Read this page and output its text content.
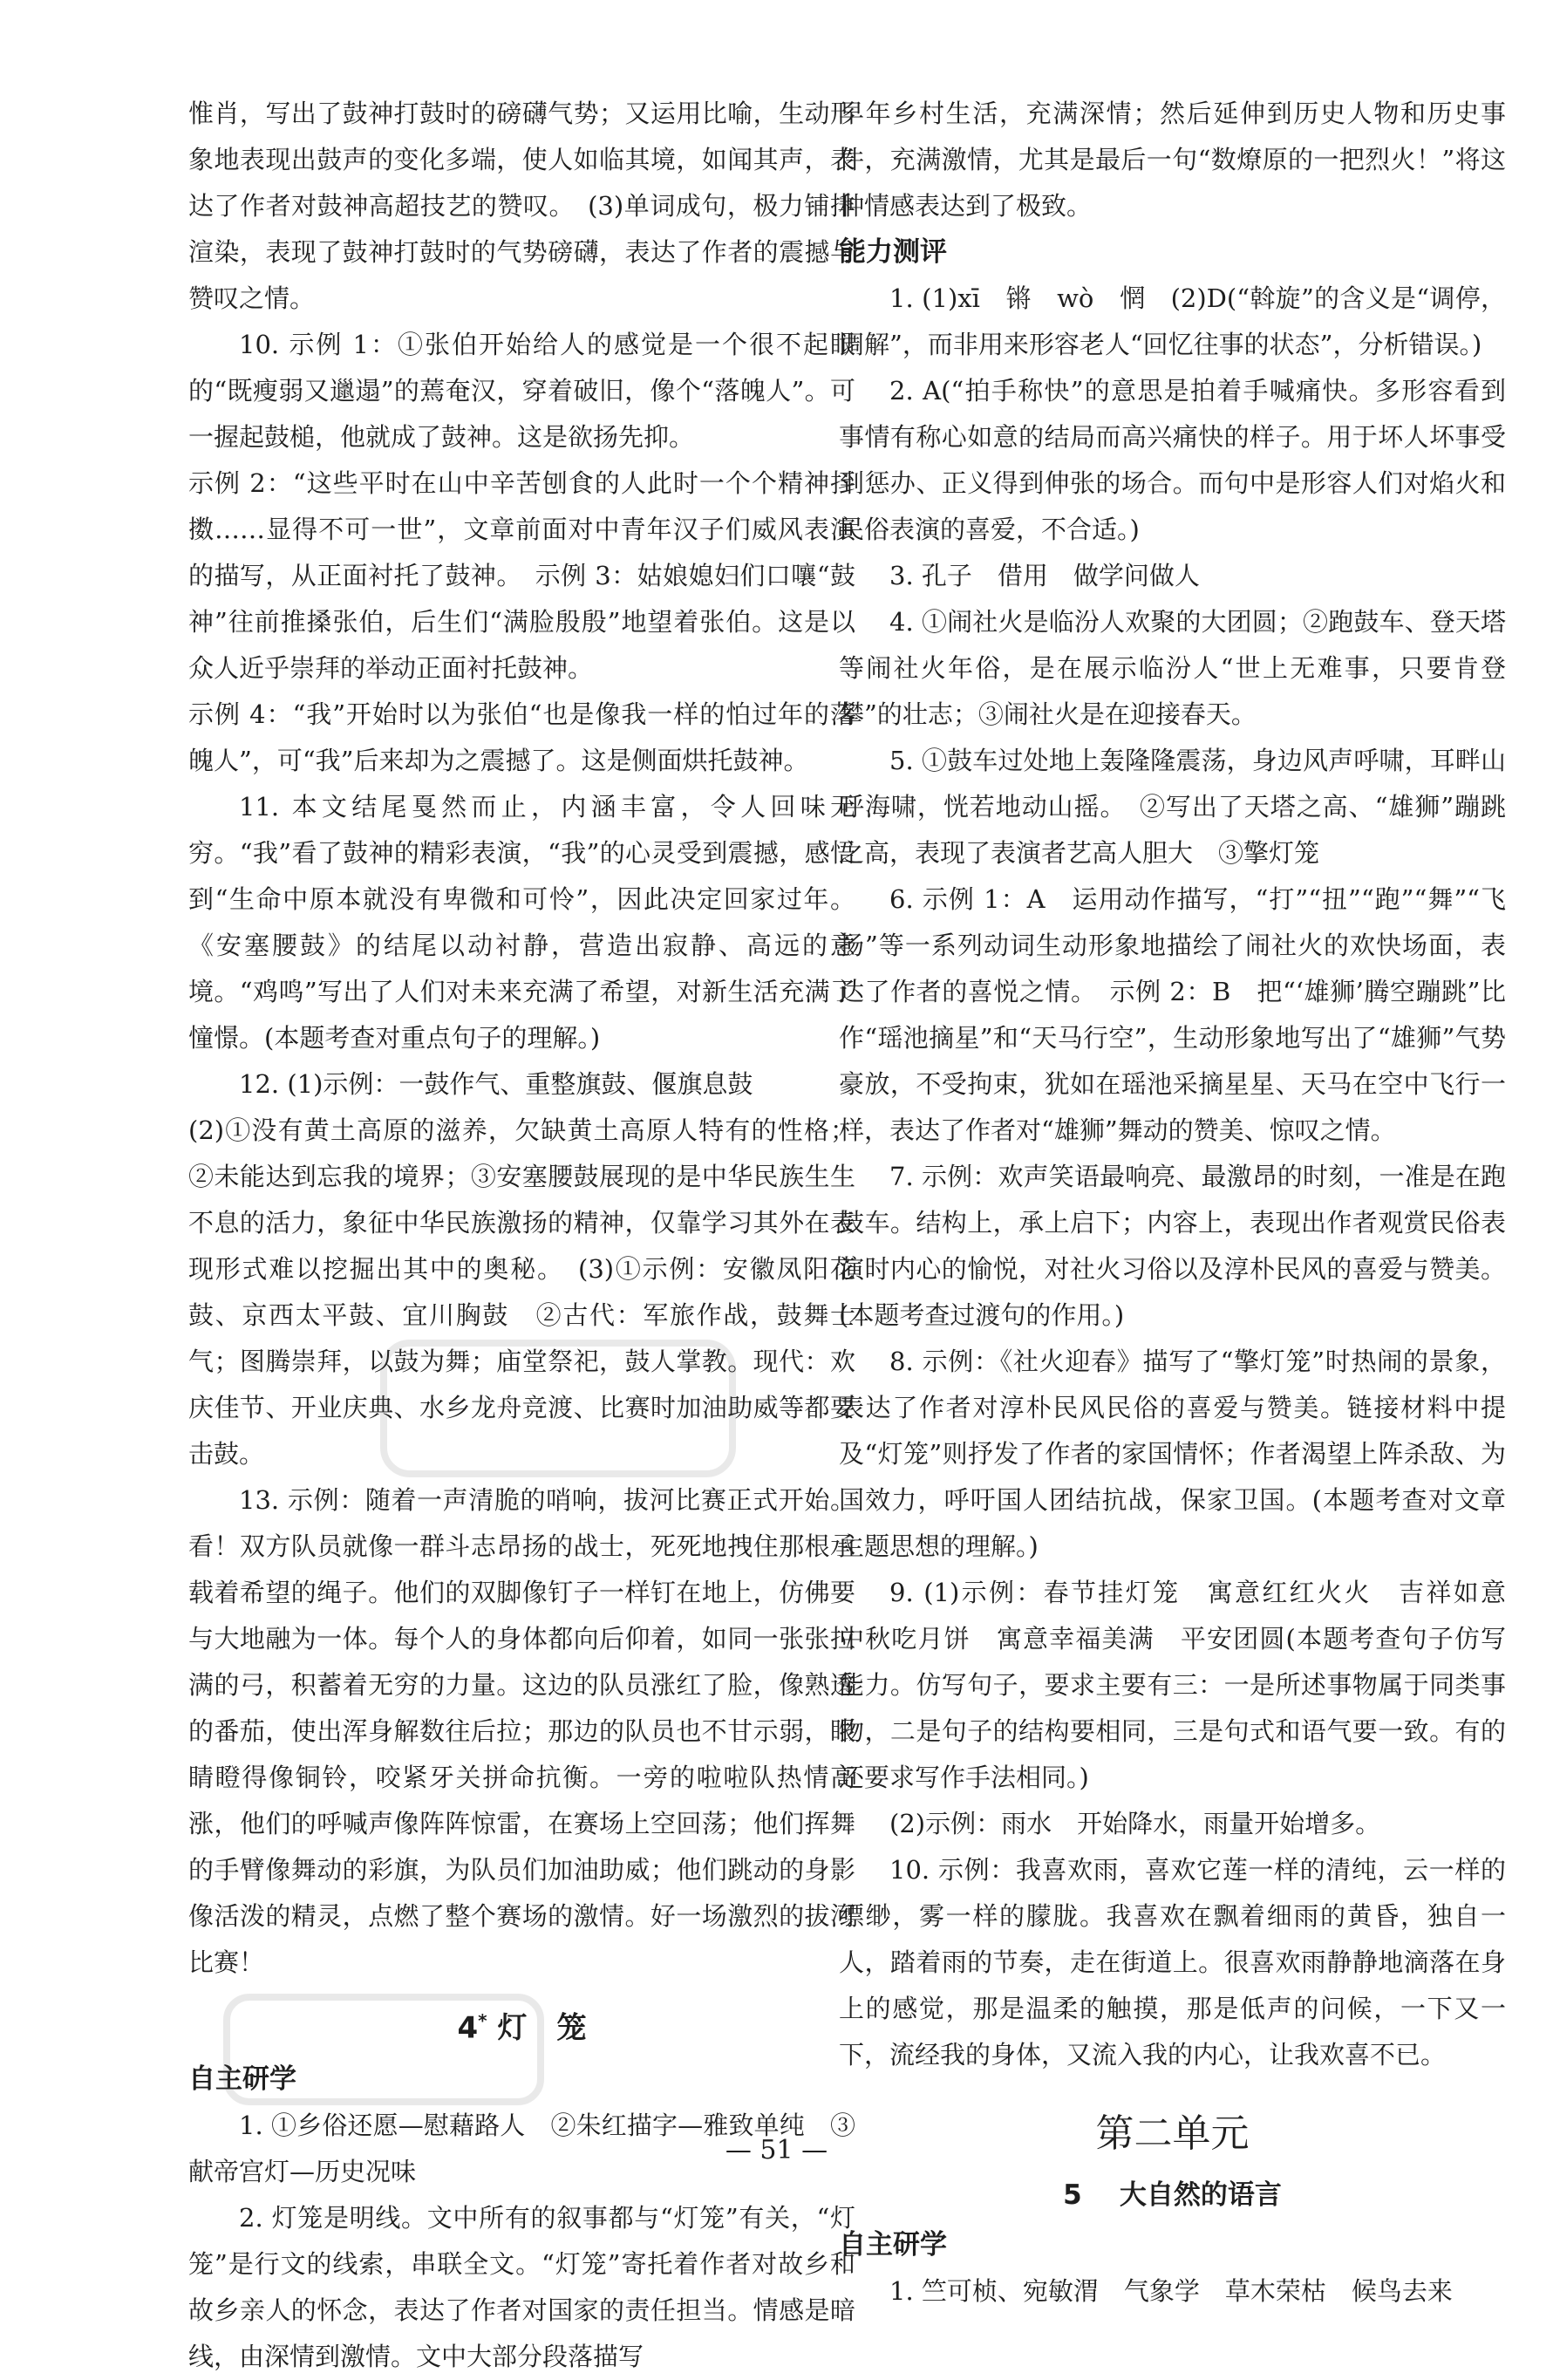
惟肖，写出了鼓神打鼓时的磅礴气势；又运用比喻，生动形象地表现出鼓声的变化多端，使人如临其境，如闻其声，表达了作者对鼓神高超技艺的赞叹。　(3)单词成句，极力铺排渲染，表现了鼓神打鼓时的气势磅礴，表达了作者的震撼与赞叹之情。

10. 示例 1：①张伯开始给人的感觉是一个很不起眼的“既瘦弱又邋遢”的蔫奄汉，穿着破旧，像个“落魄人”。可一握起鼓槌，他就成了鼓神。这是欲扬先抑。

示例 2：“这些平时在山中辛苦刨食的人此时一个个精神抖擞……显得不可一世”，文章前面对中青年汉子们威风表演的描写，从正面衬托了鼓神。　示例 3：姑娘媳妇们口嚷“鼓神”往前推搡张伯，后生们“满脸殷殷”地望着张伯。这是以众人近乎崇拜的举动正面衬托鼓神。

示例 4：“我”开始时以为张伯“也是像我一样的怕过年的落魄人”，可“我”后来却为之震撼了。这是侧面烘托鼓神。

11. 本文结尾戛然而止，内涵丰富，令人回味无穷。“我”看了鼓神的精彩表演，“我”的心灵受到震撼，感悟到“生命中原本就没有卑微和可怜”，因此决定回家过年。《安塞腰鼓》的结尾以动衬静，营造出寂静、高远的意境。“鸡鸣”写出了人们对未来充满了希望，对新生活充满了憧憬。(本题考查对重点句子的理解。)

12. (1)示例：一鼓作气、重整旗鼓、偃旗息鼓

(2)①没有黄土高原的滋养，欠缺黄土高原人特有的性格；②未能达到忘我的境界；③安塞腰鼓展现的是中华民族生生不息的活力，象征中华民族激扬的精神，仅靠学习其外在表现形式难以挖掘出其中的奥秘。　(3)①示例：安徽凤阳花鼓、京西太平鼓、宜川胸鼓　②古代：军旅作战，鼓舞士气；图腾崇拜，以鼓为舞；庙堂祭祀，鼓人掌教。现代：欢庆佳节、开业庆典、水乡龙舟竞渡、比赛时加油助威等都要击鼓。

13. 示例：随着一声清脆的哨响，拔河比赛正式开始。看！双方队员就像一群斗志昂扬的战士，死死地拽住那根承载着希望的绳子。他们的双脚像钉子一样钉在地上，仿佛要与大地融为一体。每个人的身体都向后仰着，如同一张张拉满的弓，积蓄着无穷的力量。这边的队员涨红了脸，像熟透的番茄，使出浑身解数往后拉；那边的队员也不甘示弱，眼睛瞪得像铜铃，咬紧牙关拼命抗衡。一旁的啦啦队热情高涨，他们的呼喊声像阵阵惊雷，在赛场上空回荡；他们挥舞的手臂像舞动的彩旗，为队员们加油助威；他们跳动的身影像活泼的精灵，点燃了整个赛场的激情。好一场激烈的拔河比赛！

4* 灯　笼

自主研学

1. ①乡俗还愿—慰藉路人　②朱红描字—雅致单纯　③献帝宫灯—历史况味

2. 灯笼是明线。文中所有的叙事都与“灯笼”有关，“灯笼”是行文的线索，串联全文。“灯笼”寄托着作者对故乡和故乡亲人的怀念，表达了作者对国家的责任担当。情感是暗线，由深情到激情。文中大部分段落描写

早年乡村生活，充满深情；然后延伸到历史人物和历史事件，充满激情，尤其是最后一句“数燎原的一把烈火！”将这种情感表达到了极致。

能力测评

1. (1)xī　锵　wò　惘　(2)D(“斡旋”的含义是“调停，调解”，而非用来形容老人“回忆往事的状态”，分析错误。)

2. A(“拍手称快”的意思是拍着手喊痛快。多形容看到事情有称心如意的结局而高兴痛快的样子。用于坏人坏事受到惩办、正义得到伸张的场合。而句中是形容人们对焰火和民俗表演的喜爱，不合适。)

3. 孔子　借用　做学问做人

4. ①闹社火是临汾人欢聚的大团圆；②跑鼓车、登天塔等闹社火年俗，是在展示临汾人“世上无难事，只要肯登攀”的壮志；③闹社火是在迎接春天。

5. ①鼓车过处地上轰隆隆震荡，身边风声呼啸，耳畔山呼海啸，恍若地动山摇。　②写出了天塔之高、“雄狮”蹦跳之高，表现了表演者艺高人胆大　③擎灯笼

6. 示例 1：A　运用动作描写，“打”“扭”“跑”“舞”“飞扬”等一系列动词生动形象地描绘了闹社火的欢快场面，表达了作者的喜悦之情。　示例 2：B　把“‘雄狮’腾空蹦跳”比作“瑶池摘星”和“天马行空”，生动形象地写出了“雄狮”气势豪放，不受拘束，犹如在瑶池采摘星星、天马在空中飞行一样，表达了作者对“雄狮”舞动的赞美、惊叹之情。

7. 示例：欢声笑语最响亮、最激昂的时刻，一准是在跑鼓车。结构上，承上启下；内容上，表现出作者观赏民俗表演时内心的愉悦，对社火习俗以及淳朴民风的喜爱与赞美。(本题考查过渡句的作用。)

8. 示例：《社火迎春》描写了“擎灯笼”时热闹的景象，表达了作者对淳朴民风民俗的喜爱与赞美。链接材料中提及“灯笼”则抒发了作者的家国情怀；作者渴望上阵杀敌、为国效力，呼吁国人团结抗战，保家卫国。(本题考查对文章主题思想的理解。)

9. (1)示例：春节挂灯笼　寓意红红火火　吉祥如意　中秋吃月饼　寓意幸福美满　平安团圆(本题考查句子仿写能力。仿写句子，要求主要有三：一是所述事物属于同类事物，二是句子的结构要相同，三是句式和语气要一致。有的还要求写作手法相同。)

(2)示例：雨水　开始降水，雨量开始增多。

10. 示例：我喜欢雨，喜欢它莲一样的清纯，云一样的缥缈，雾一样的朦胧。我喜欢在飘着细雨的黄昏，独自一人，踏着雨的节奏，走在街道上。很喜欢雨静静地滴落在身上的感觉，那是温柔的触摸，那是低声的问候，一下又一下，流经我的身体，又流入我的内心，让我欢喜不已。

第二单元
5 大自然的语言

自主研学

1. 竺可桢、宛敏渭　气象学　草木荣枯　候鸟去来

— 51 —
